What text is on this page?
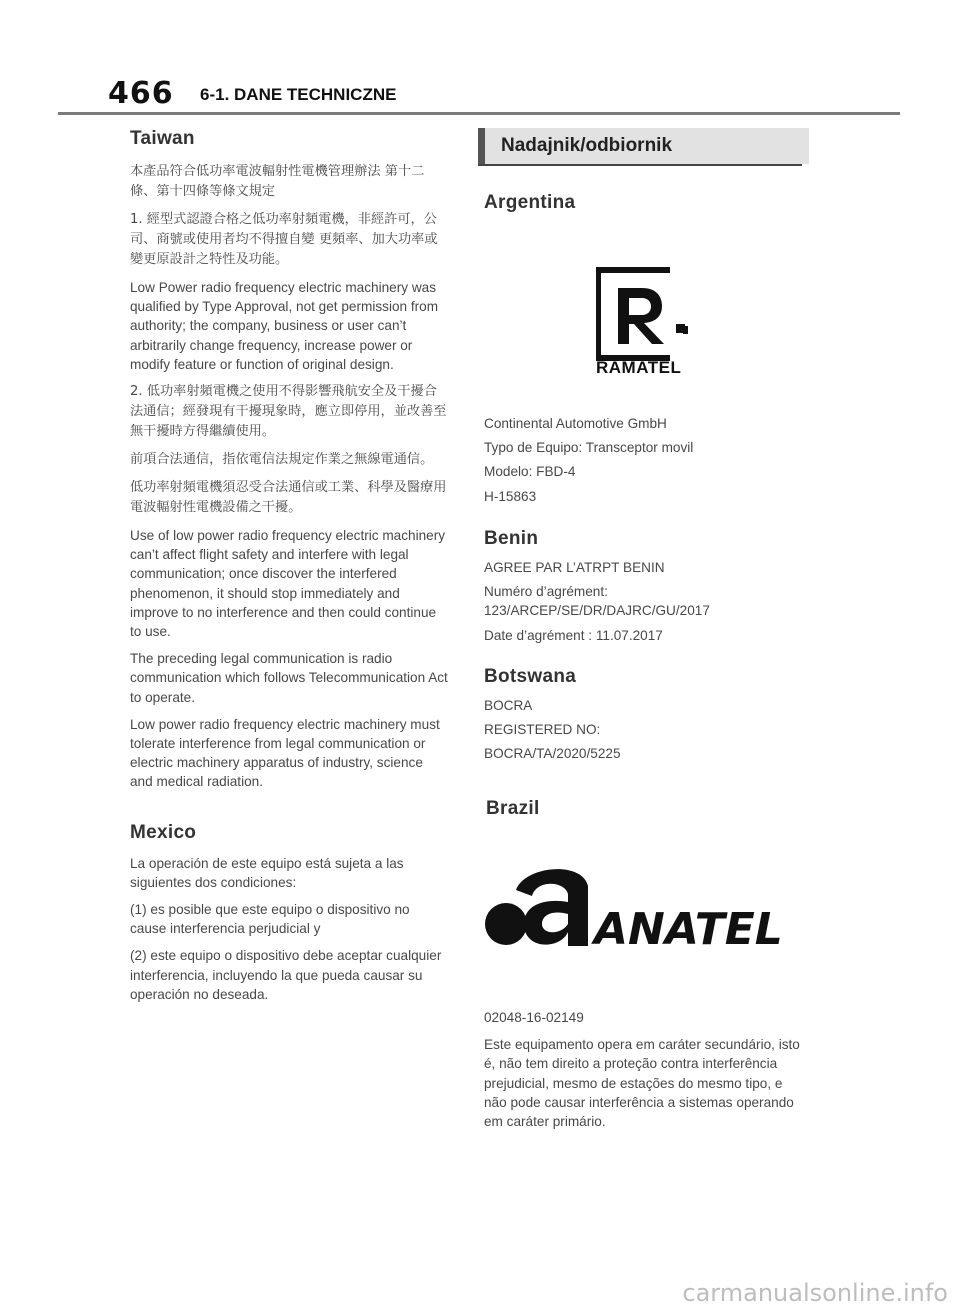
466 6-1. DANE TECHNICZNE
Taiwan

本產品符合低功率電波輻射性電機管理辦法 第十二條、第十四條等條文規定

1. 經型式認證合格之低功率射頻電機，非經許可，公司、商號或使用者均不得擅自變 更頻率、加大功率或變更原設計之特性及功能。

Low Power radio frequency electric machinery was qualified by Type Approval, not get permission from authority; the company, business or user can’t arbitrarily change frequency, increase power or modify feature or function of original design.

2. 低功率射頻電機之使用不得影響飛航安全及干擾合法通信；經發現有干擾現象時，應立即停用，並改善至無干擾時方得繼續使用。

前項合法通信，指依電信法規定作業之無線電通信。

低功率射頻電機須忍受合法通信或工業、科學及醫療用電波輻射性電機設備之干擾。

Use of low power radio frequency electric machinery can’t affect flight safety and interfere with legal communication; once discover the interfered phenomenon, it should stop immediately and improve to no interference and then could continue to use.

The preceding legal communication is radio communication which follows Telecommunication Act to operate.

Low power radio frequency electric machinery must tolerate interference from legal communication or electric machinery apparatus of industry, science and medical radiation.

Mexico

La operación de este equipo está sujeta a las siguientes dos condiciones:

(1) es posible que este equipo o dispositivo no cause interferencia perjudicial y

(2) este equipo o dispositivo debe aceptar cualquier interferencia, incluyendo la que pueda causar su operación no deseada.

Nadajnik/odbiornik
Argentina
RAMATEL

Continental Automotive GmbH

Typo de Equipo: Transceptor movil

Modelo: FBD-4

H-15863

Benin

AGREE PAR L’ATRPT BENIN

Numéro d’agrément: 123/ARCEP/SE/DR/DAJRC/GU/2017

Date d’agrément : 11.07.2017

Botswana

BOCRA

REGISTERED NO:

BOCRA/TA/2020/5225

Brazil
ANATEL

02048-16-02149

Este equipamento opera em caráter secundário, isto é, não tem direito a proteção contra interferência prejudicial, mesmo de estações do mesmo tipo, e não pode causar interferência a sistemas operando em caráter primário.

carmanualsonline.info
